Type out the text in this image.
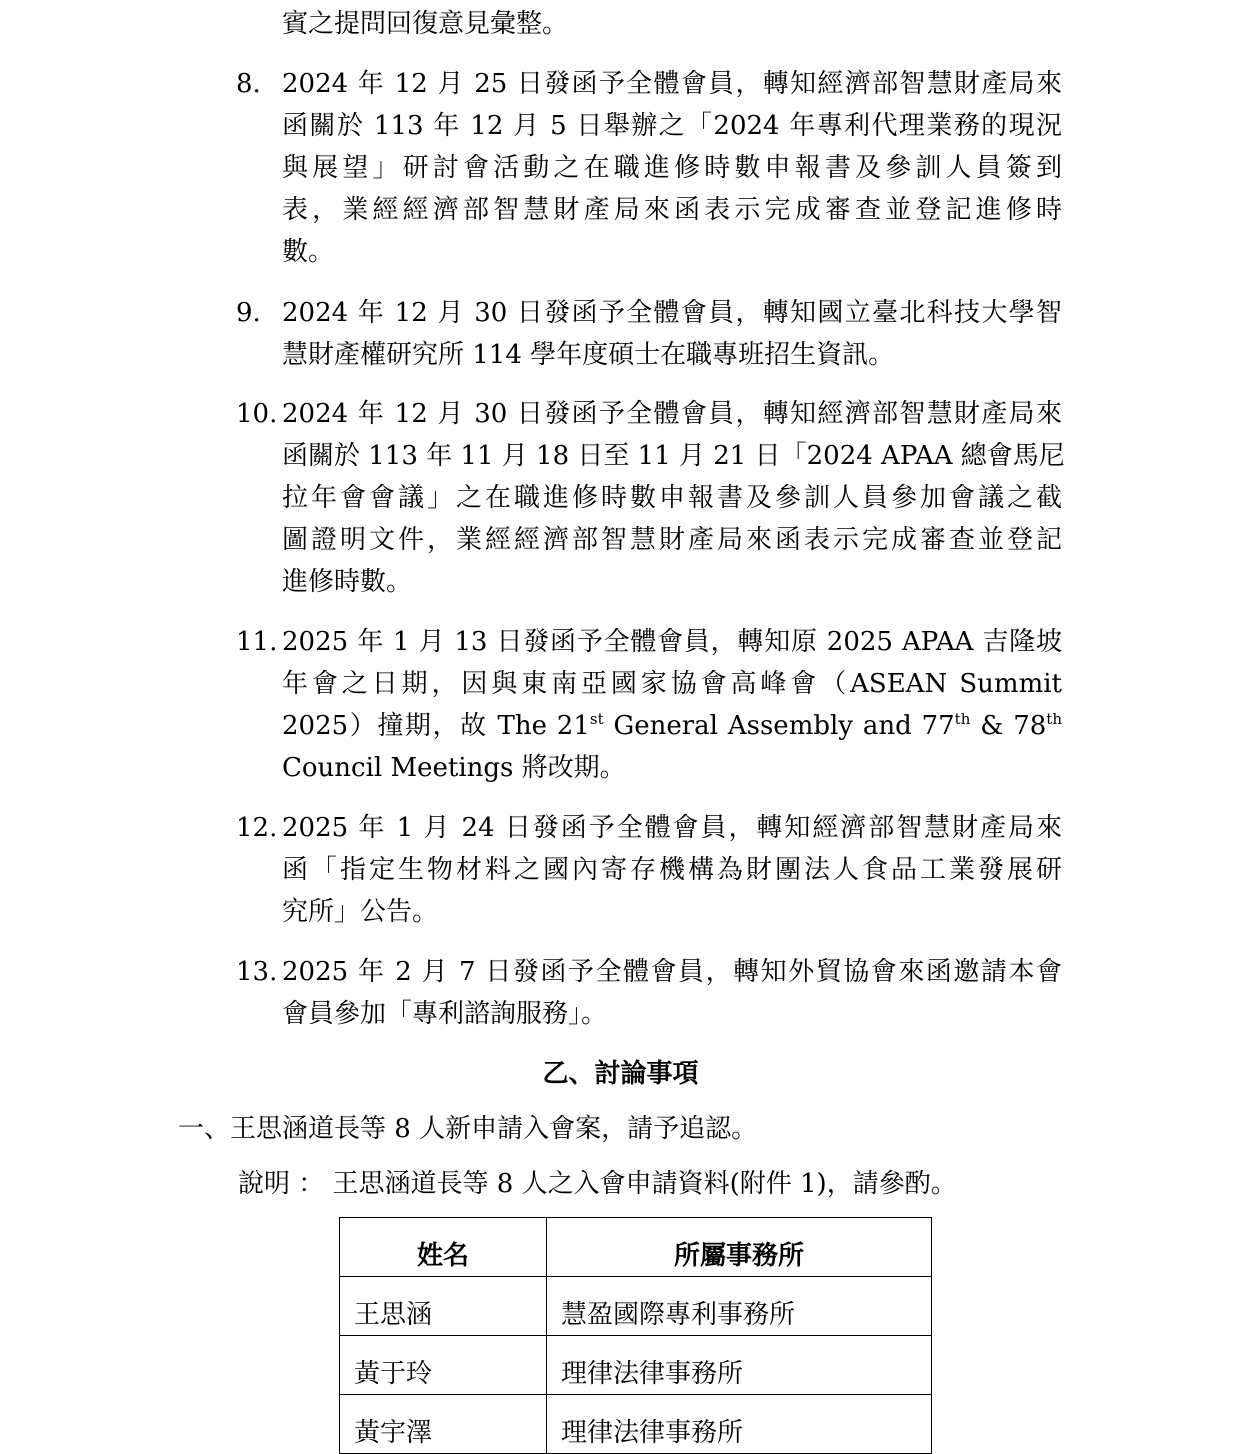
賓之提問回復意見彙整。
8. 2024 年 12 月 25 日發函予全體會員，轉知經濟部智慧財產局來
函關於 113 年 12 月 5 日舉辦之「2024 年專利代理業務的現況
與展望」研討會活動之在職進修時數申報書及參訓人員簽到
表，業經經濟部智慧財產局來函表示完成審查並登記進修時
數。
9. 2024 年 12 月 30 日發函予全體會員，轉知國立臺北科技大學智
慧財產權研究所 114 學年度碩士在職專班招生資訊。
10. 2024 年 12 月 30 日發函予全體會員，轉知經濟部智慧財產局來
函關於 113 年 11 月 18 日至 11 月 21 日「2024 APAA 總會馬尼
拉年會會議」之在職進修時數申報書及參訓人員參加會議之截
圖證明文件，業經經濟部智慧財產局來函表示完成審查並登記
進修時數。
11. 2025 年 1 月 13 日發函予全體會員，轉知原 2025 APAA 吉隆坡
年會之日期，因與東南亞國家協會高峰會（ASEAN Summit
2025）撞期，故 The 21st General Assembly and 77th & 78th
Council Meetings 將改期。
12. 2025 年 1 月 24 日發函予全體會員，轉知經濟部智慧財產局來
函「指定生物材料之國內寄存機構為財團法人食品工業發展研
究所」公告。
13. 2025 年 2 月 7 日發函予全體會員，轉知外貿協會來函邀請本會
會員參加「專利諮詢服務」。
乙、討論事項
一、王思涵道長等 8 人新申請入會案，請予追認。
說明 ： 王思涵道長等 8 人之入會申請資料(附件 1)，請參酌。
姓名	所屬事務所
王思涵	慧盈國際專利事務所
黃于玲	理律法律事務所
黃宇澤	理律法律事務所
